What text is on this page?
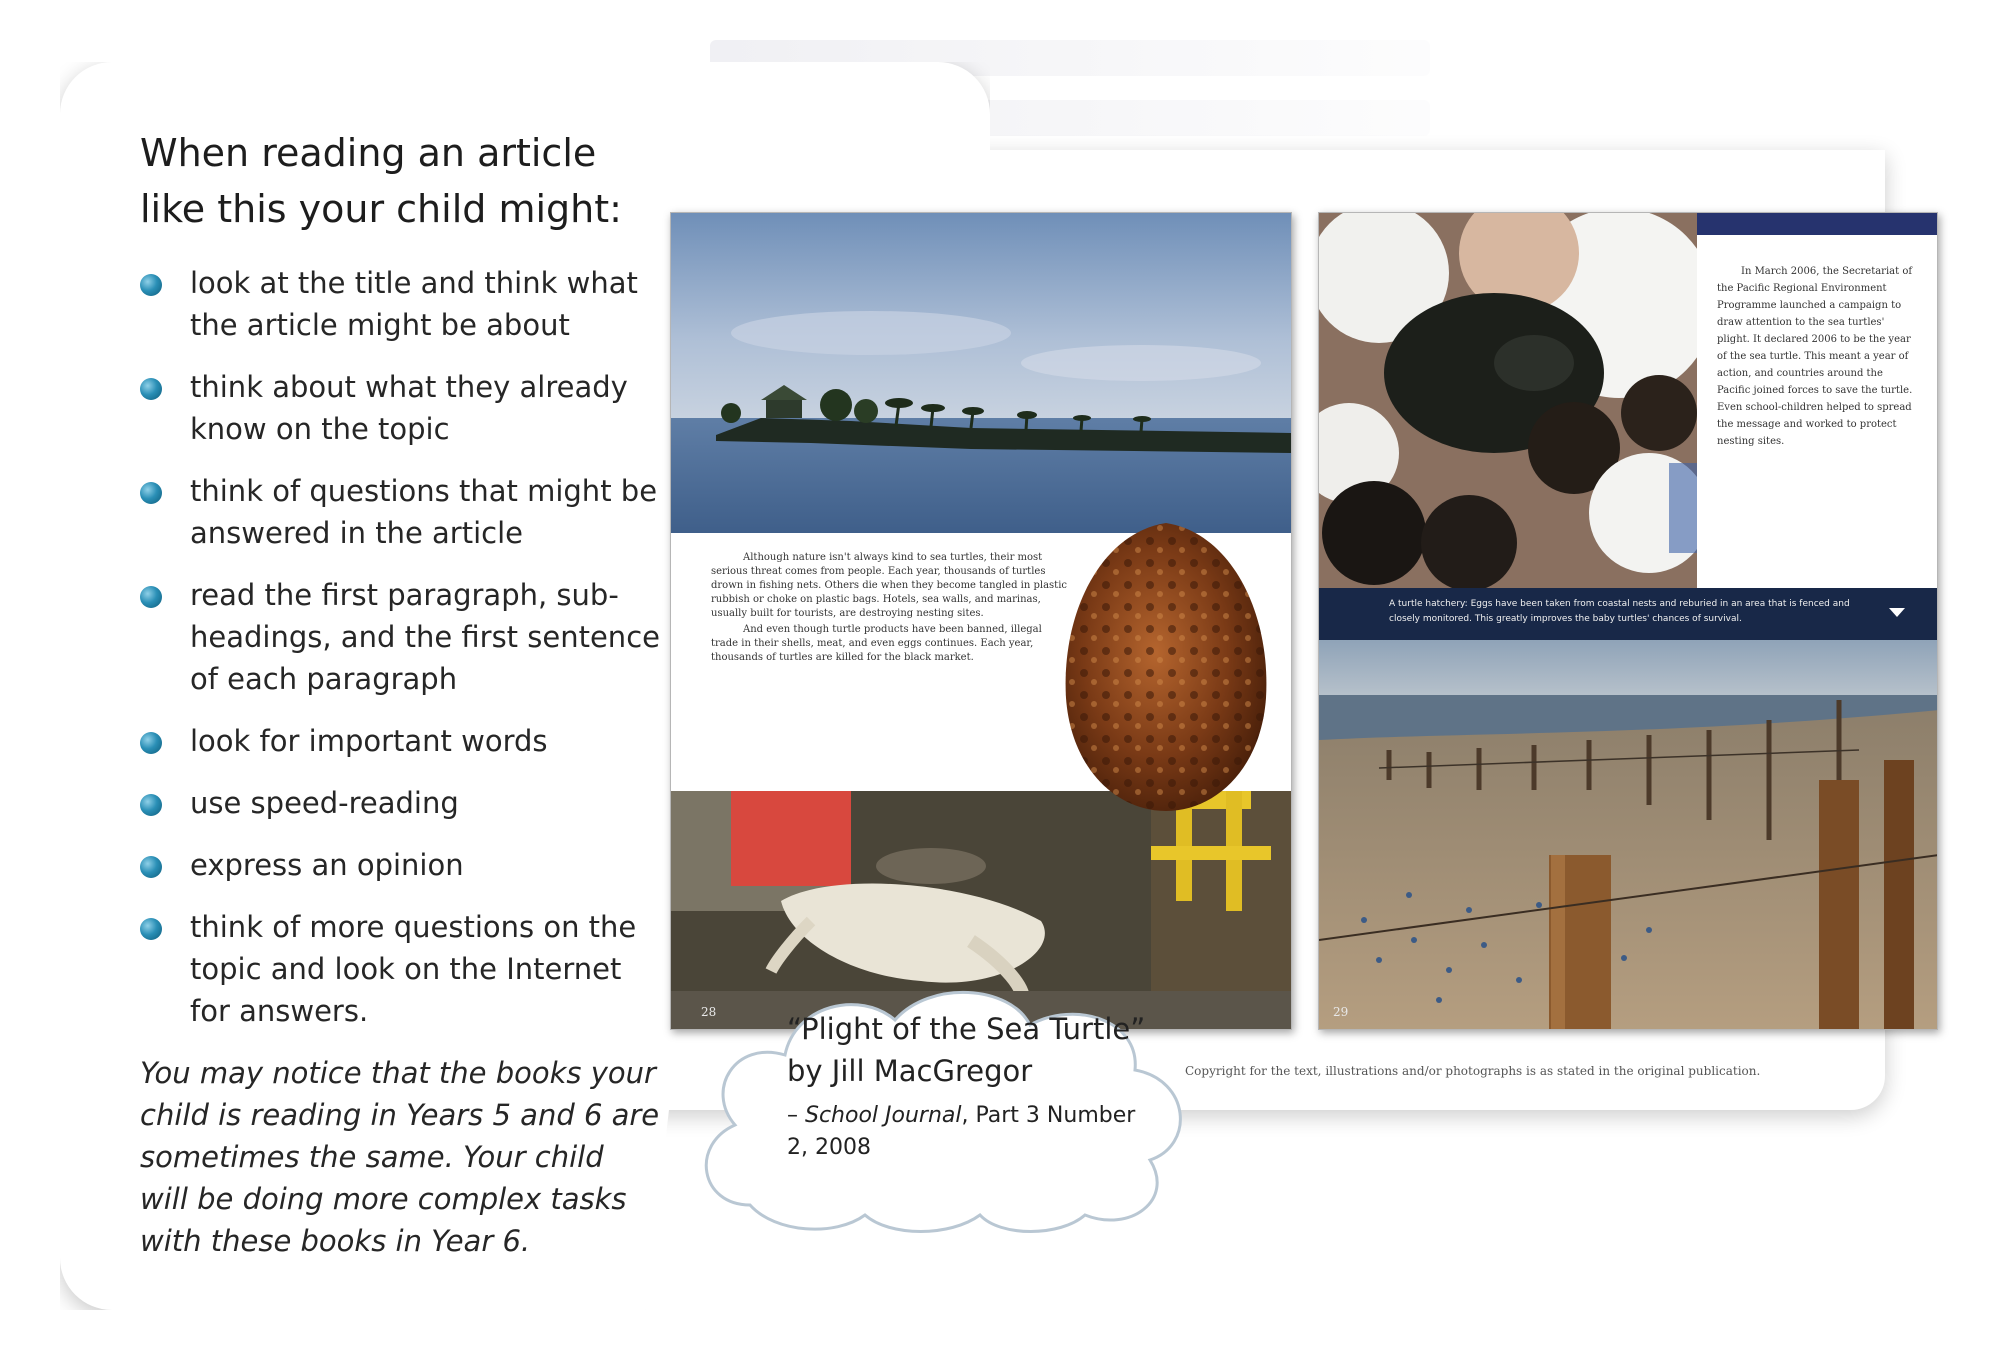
When reading an article like this your child might:
look at the title and think what the article might be about
think about what they already know on the topic
think of questions that might be answered in the article
read the first paragraph, sub-headings, and the first sentence of each paragraph
look for important words
use speed-reading
express an opinion
think of more questions on the topic and look on the Internet for answers.
You may notice that the books your child is reading in Years 5 and 6 are sometimes the same. Your child will be doing more complex tasks with these books in Year 6.

Although nature isn't always kind to sea turtles, their most serious threat comes from people. Each year, thousands of turtles drown in fishing nets. Others die when they become tangled in plastic rubbish or choke on plastic bags. Hotels, sea walls, and marinas, usually built for tourists, are destroying nesting sites.

And even though turtle products have been banned, illegal trade in their shells, meat, and even eggs continues. Each year, thousands of turtles are killed for the black market.

28
In March 2006, the Secretariat of the Pacific Regional Environment Programme launched a campaign to draw attention to the sea turtles' plight. It declared 2006 to be the year of the sea turtle. This meant a year of action, and countries around the Pacific joined forces to save the turtle. Even school-children helped to spread the message and worked to protect nesting sites.
A turtle hatchery: Eggs have been taken from coastal nests and reburied in an area that is fenced and closely monitored. This greatly improves the baby turtles' chances of survival.
29
Copyright for the text, illustrations and/or photographs is as stated in the original publication.
“Plight of the Sea Turtle” by Jill MacGregor
– School Journal, Part 3 Number 2, 2008
